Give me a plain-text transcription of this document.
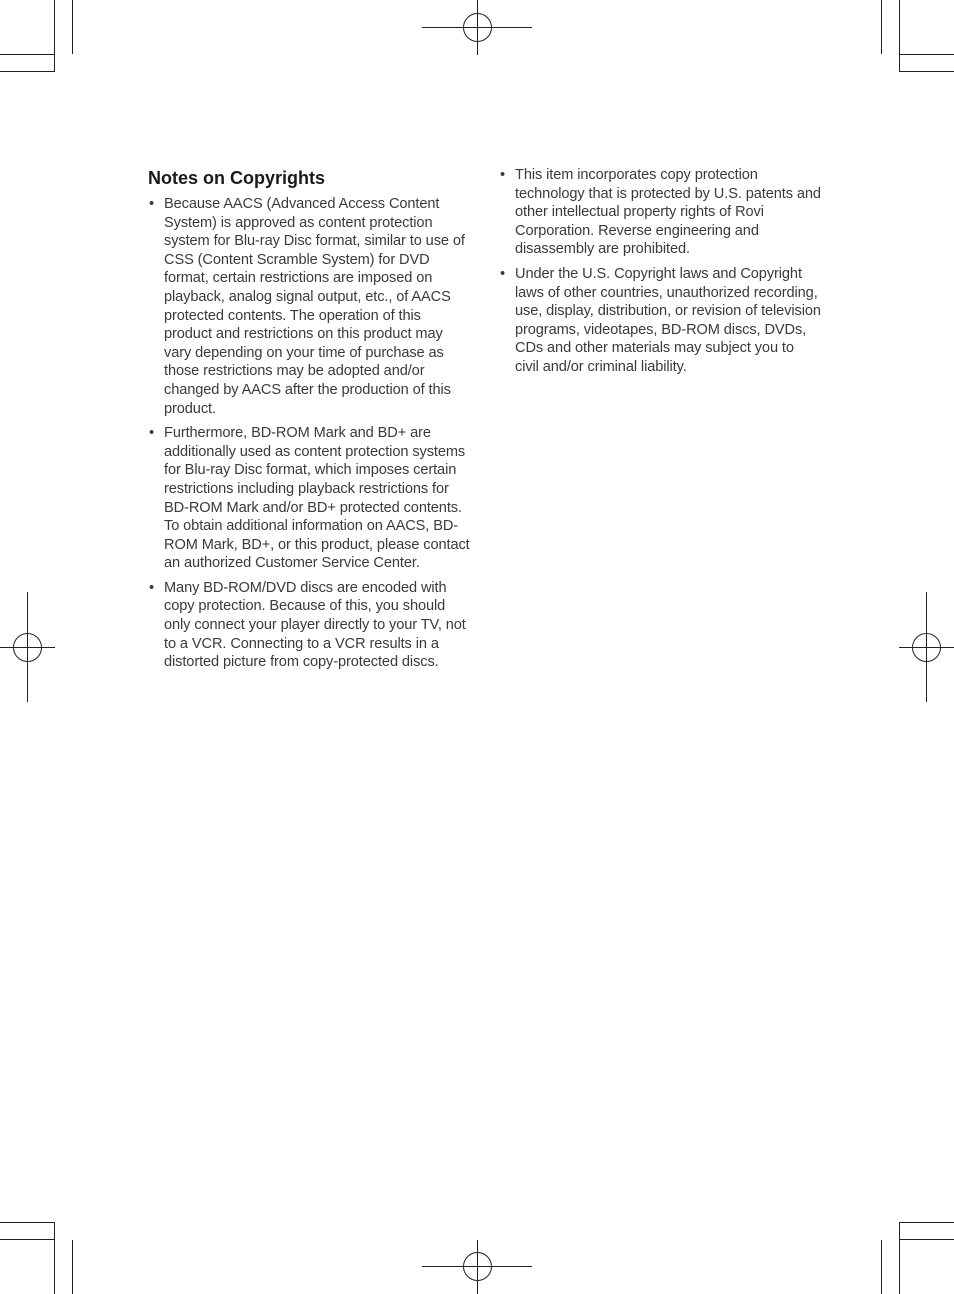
Notes on Copyrights
• Because AACS (Advanced Access Content System) is approved as content protection system for Blu-ray Disc format, similar to use of CSS (Content Scramble System) for DVD format, certain restrictions are imposed on playback, analog signal output, etc., of AACS protected contents. The operation of this product and restrictions on this product may vary depending on your time of purchase as those restrictions may be adopted and/or changed by AACS after the production of this product.
• Furthermore, BD-ROM Mark and BD+ are additionally used as content protection systems for Blu-ray Disc format, which imposes certain restrictions including playback restrictions for BD-ROM Mark and/or BD+ protected contents. To obtain additional information on AACS, BD-ROM Mark, BD+, or this product, please contact an authorized Customer Service Center.
• Many BD-ROM/DVD discs are encoded with copy protection. Because of this, you should only connect your player directly to your TV, not to a VCR. Connecting to a VCR results in a distorted picture from copy-protected discs.
• This item incorporates copy protection technology that is protected by U.S. patents and other intellectual property rights of Rovi Corporation. Reverse engineering and disassembly are prohibited.
• Under the U.S. Copyright laws and Copyright laws of other countries, unauthorized recording, use, display, distribution, or revision of television programs, videotapes, BD-ROM discs, DVDs, CDs and other materials may subject you to civil and/or criminal liability.
